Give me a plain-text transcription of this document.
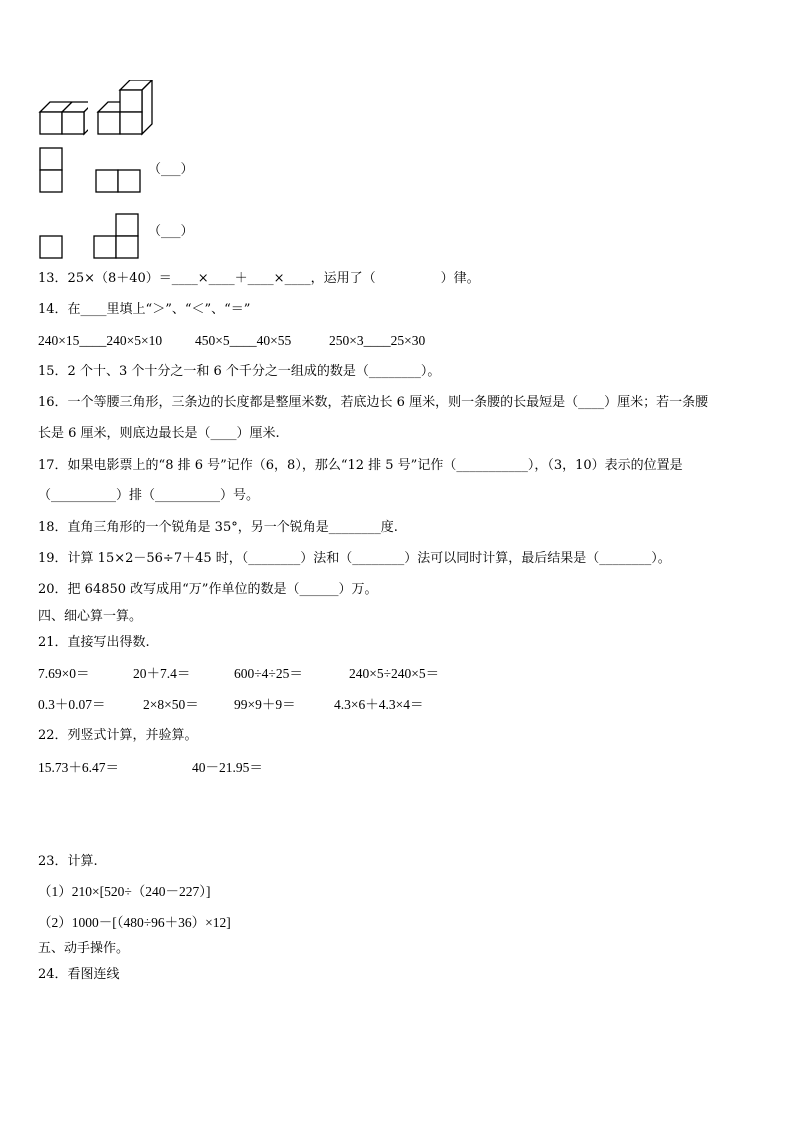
（___）
（___）
13．25×（8＋40）＝____×____＋____×____，运用了（　　　　　）律。
14．在____里填上“＞”、“＜”、“＝”
240×15____240×5×10 450×5____40×55	250×3____25×30
15．2 个十、3 个十分之一和 6 个千分之一组成的数是（________）。
16．一个等腰三角形，三条边的长度都是整厘米数，若底边长 6 厘米，则一条腰的长最短是（____）厘米；若一条腰
长是 6 厘米，则底边最长是（____）厘米.
17．如果电影票上的“8 排 6 号”记作（6，8），那么“12 排 5 号”记作（___________），（3，10）表示的位置是
（__________）排（__________）号。
18．直角三角形的一个锐角是 35°，另一个锐角是________度.
19．计算 15×2－56÷7＋45 时，（________）法和（________）法可以同时计算，最后结果是（________）。
20．把 64850 改写成用“万”作单位的数是（______）万。
四、细心算一算。
21．直接写出得数.
7.69×0＝	20＋7.4＝	600÷4÷25＝	240×5÷240×5＝
0.3＋0.07＝	2×8×50＝	99×9＋9＝	4.3×6＋4.3×4＝
22．列竖式计算，并验算。
15.73＋6.47＝	40－21.95＝
23．计算.
（1）210×[520÷（240－227）]
（2）1000－[（480÷96＋36）×12]
五、动手操作。
24．看图连线
